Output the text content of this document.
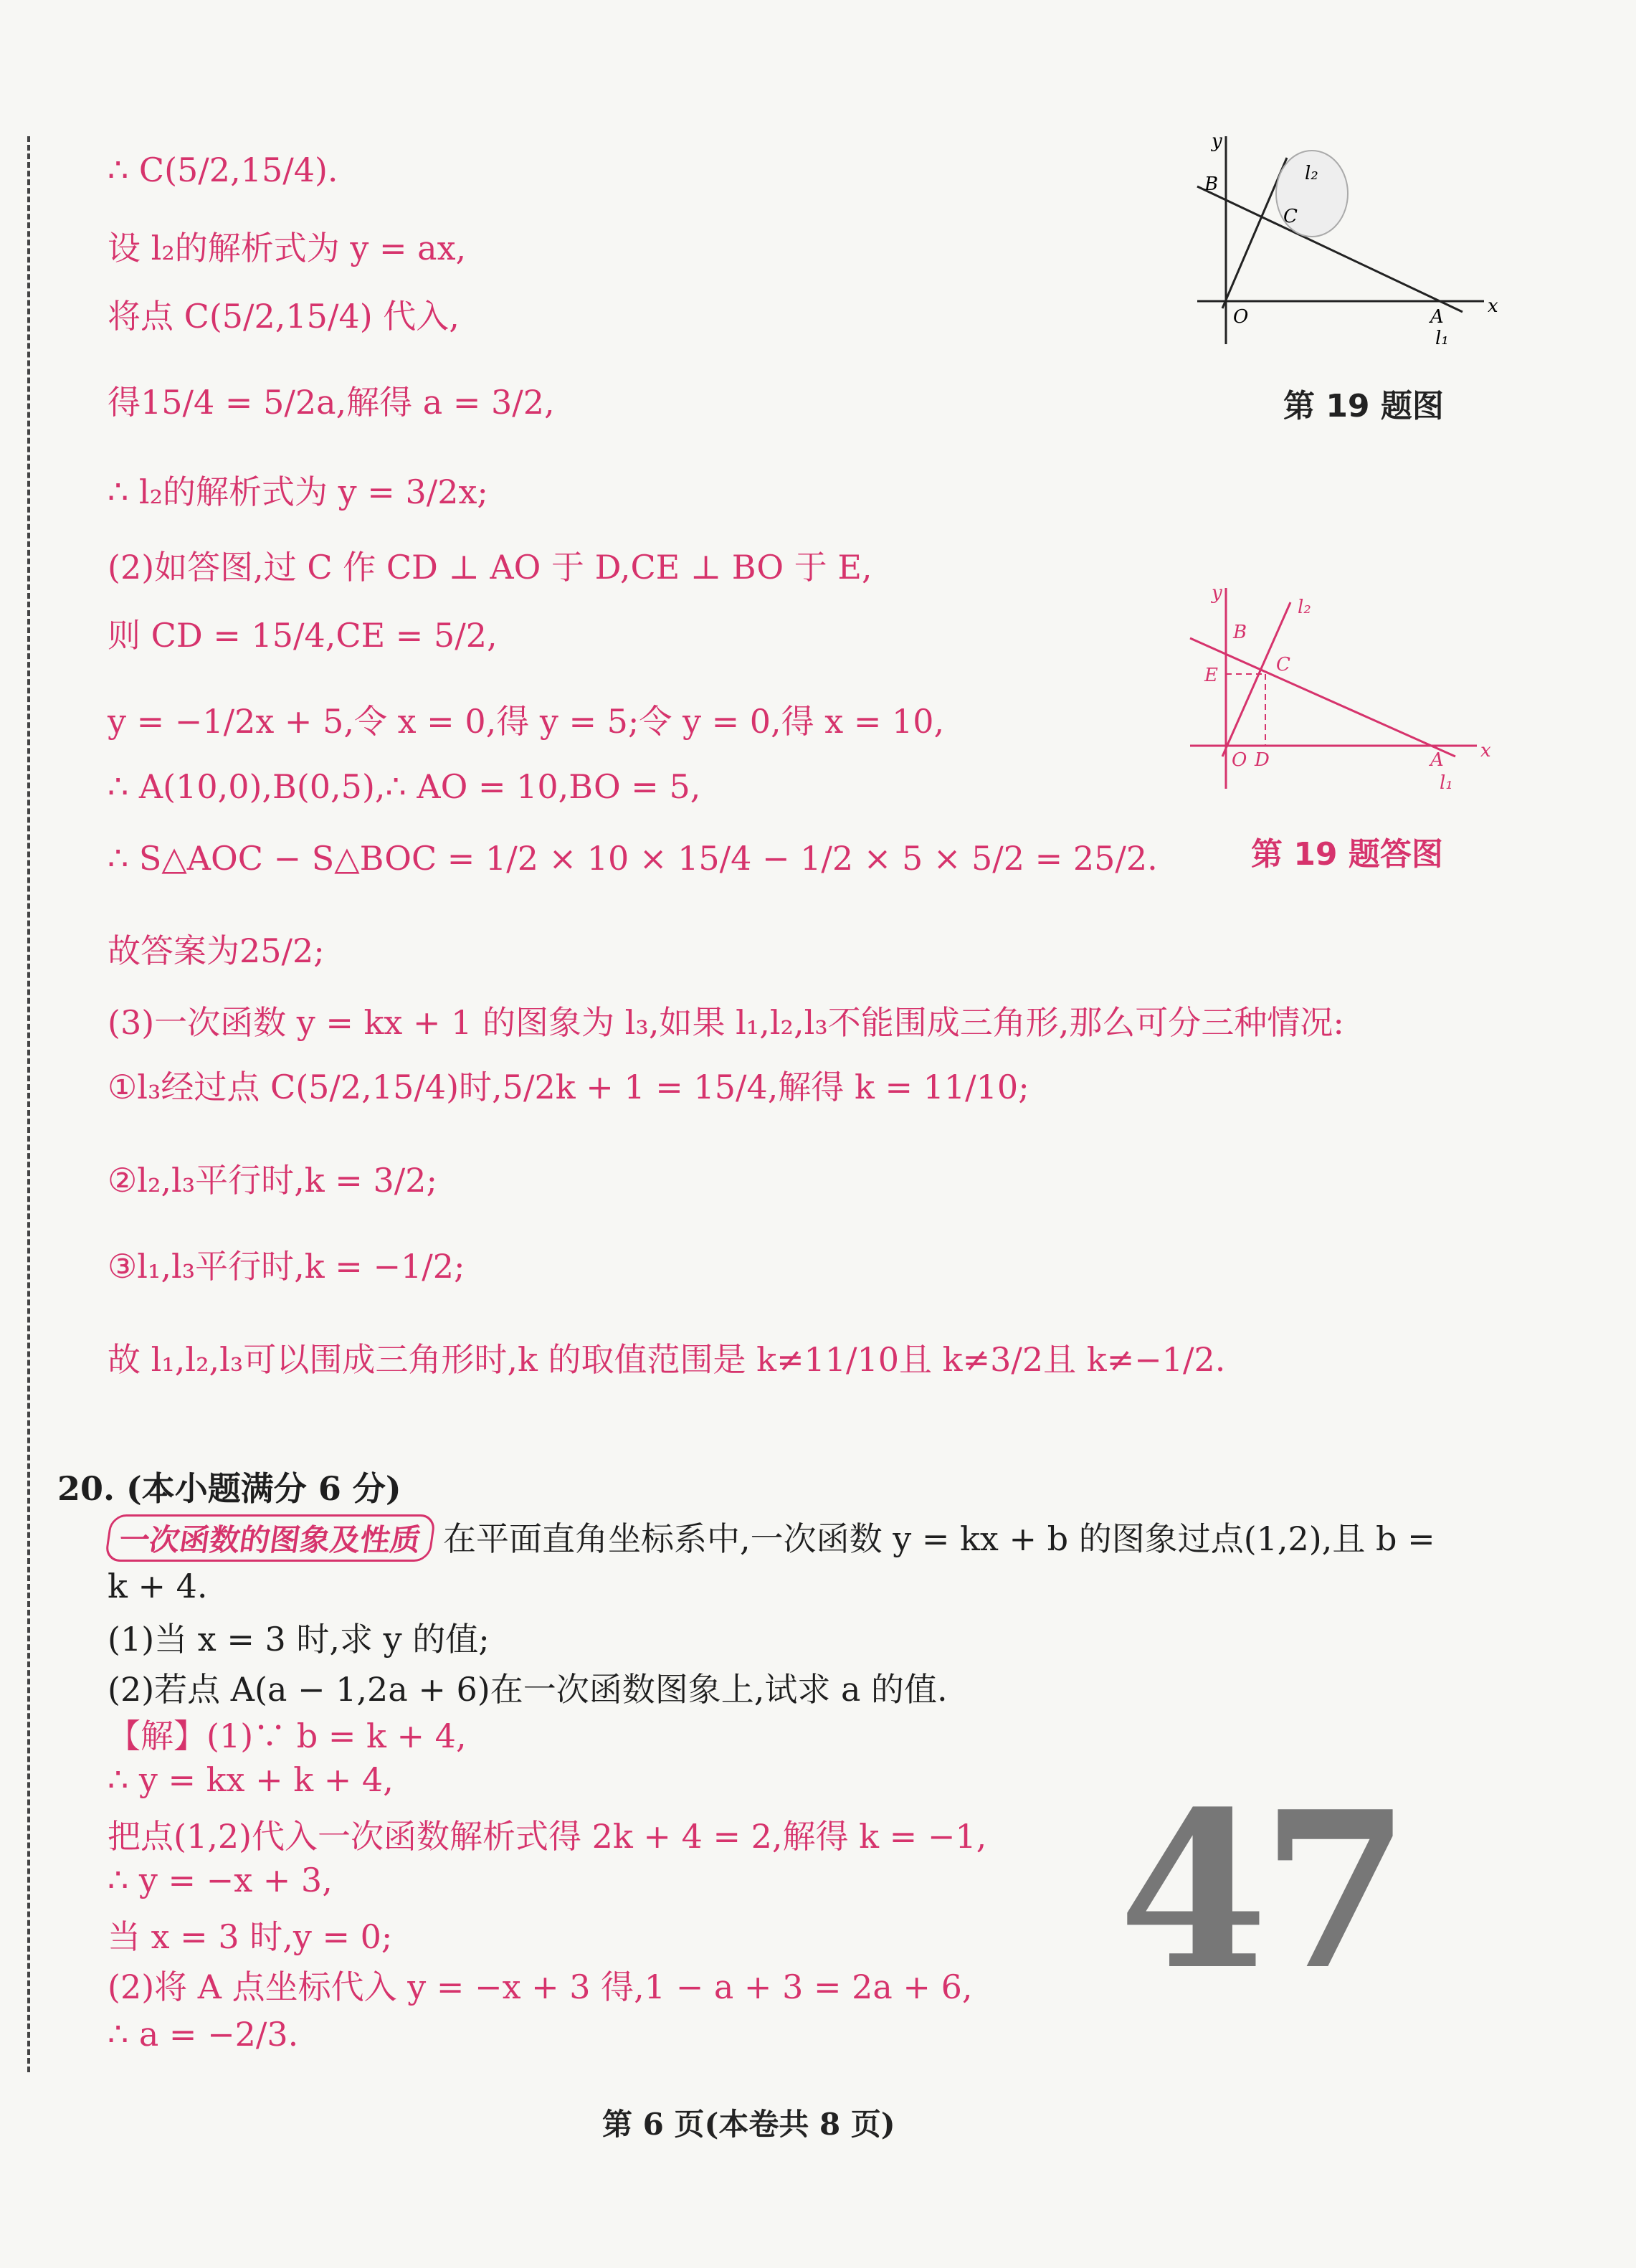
∴ C(5/2,15/4).
设 l₂的解析式为 y = ax,
将点 C(5/2,15/4) 代入,
得15/4 = 5/2a,解得 a = 3/2,
∴ l₂的解析式为 y = 3/2x;
(2)如答图,过 C 作 CD ⊥ AO 于 D,CE ⊥ BO 于 E,
则 CD = 15/4,CE = 5/2,
y = −1/2x + 5,令 x = 0,得 y = 5;令 y = 0,得 x = 10,
∴ A(10,0),B(0,5),∴ AO = 10,BO = 5,
∴ S△AOC − S△BOC = 1/2 × 10 × 15/4 − 1/2 × 5 × 5/2 = 25/2.
故答案为25/2;
(3)一次函数 y = kx + 1 的图象为 l₃,如果 l₁,l₂,l₃不能围成三角形,那么可分三种情况:
①l₃经过点 C(5/2,15/4)时,5/2k + 1 = 15/4,解得 k = 11/10;
②l₂,l₃平行时,k = 3/2;
③l₁,l₃平行时,k = −1/2;
故 l₁,l₂,l₃可以围成三角形时,k 的取值范围是 k≠11/10且 k≠3/2且 k≠−1/2.
y
x
O
B
C
A
l₂
l₁
第 19 题图
y
x
O D
E
B
C
A
l₂
l₁
第 19 题答图
20. (本小题满分 6 分)
一次函数的图象及性质 在平面直角坐标系中,一次函数 y = kx + b 的图象过点(1,2),且 b =
k + 4.
(1)当 x = 3 时,求 y 的值;
(2)若点 A(a − 1,2a + 6)在一次函数图象上,试求 a 的值.
【解】(1)∵ b = k + 4,
∴ y = kx + k + 4,
把点(1,2)代入一次函数解析式得 2k + 4 = 2,解得 k = −1,
∴ y = −x + 3,
当 x = 3 时,y = 0;
(2)将 A 点坐标代入 y = −x + 3 得,1 − a + 3 = 2a + 6,
∴ a = −2/3.
47
第 6 页(本卷共 8 页)
